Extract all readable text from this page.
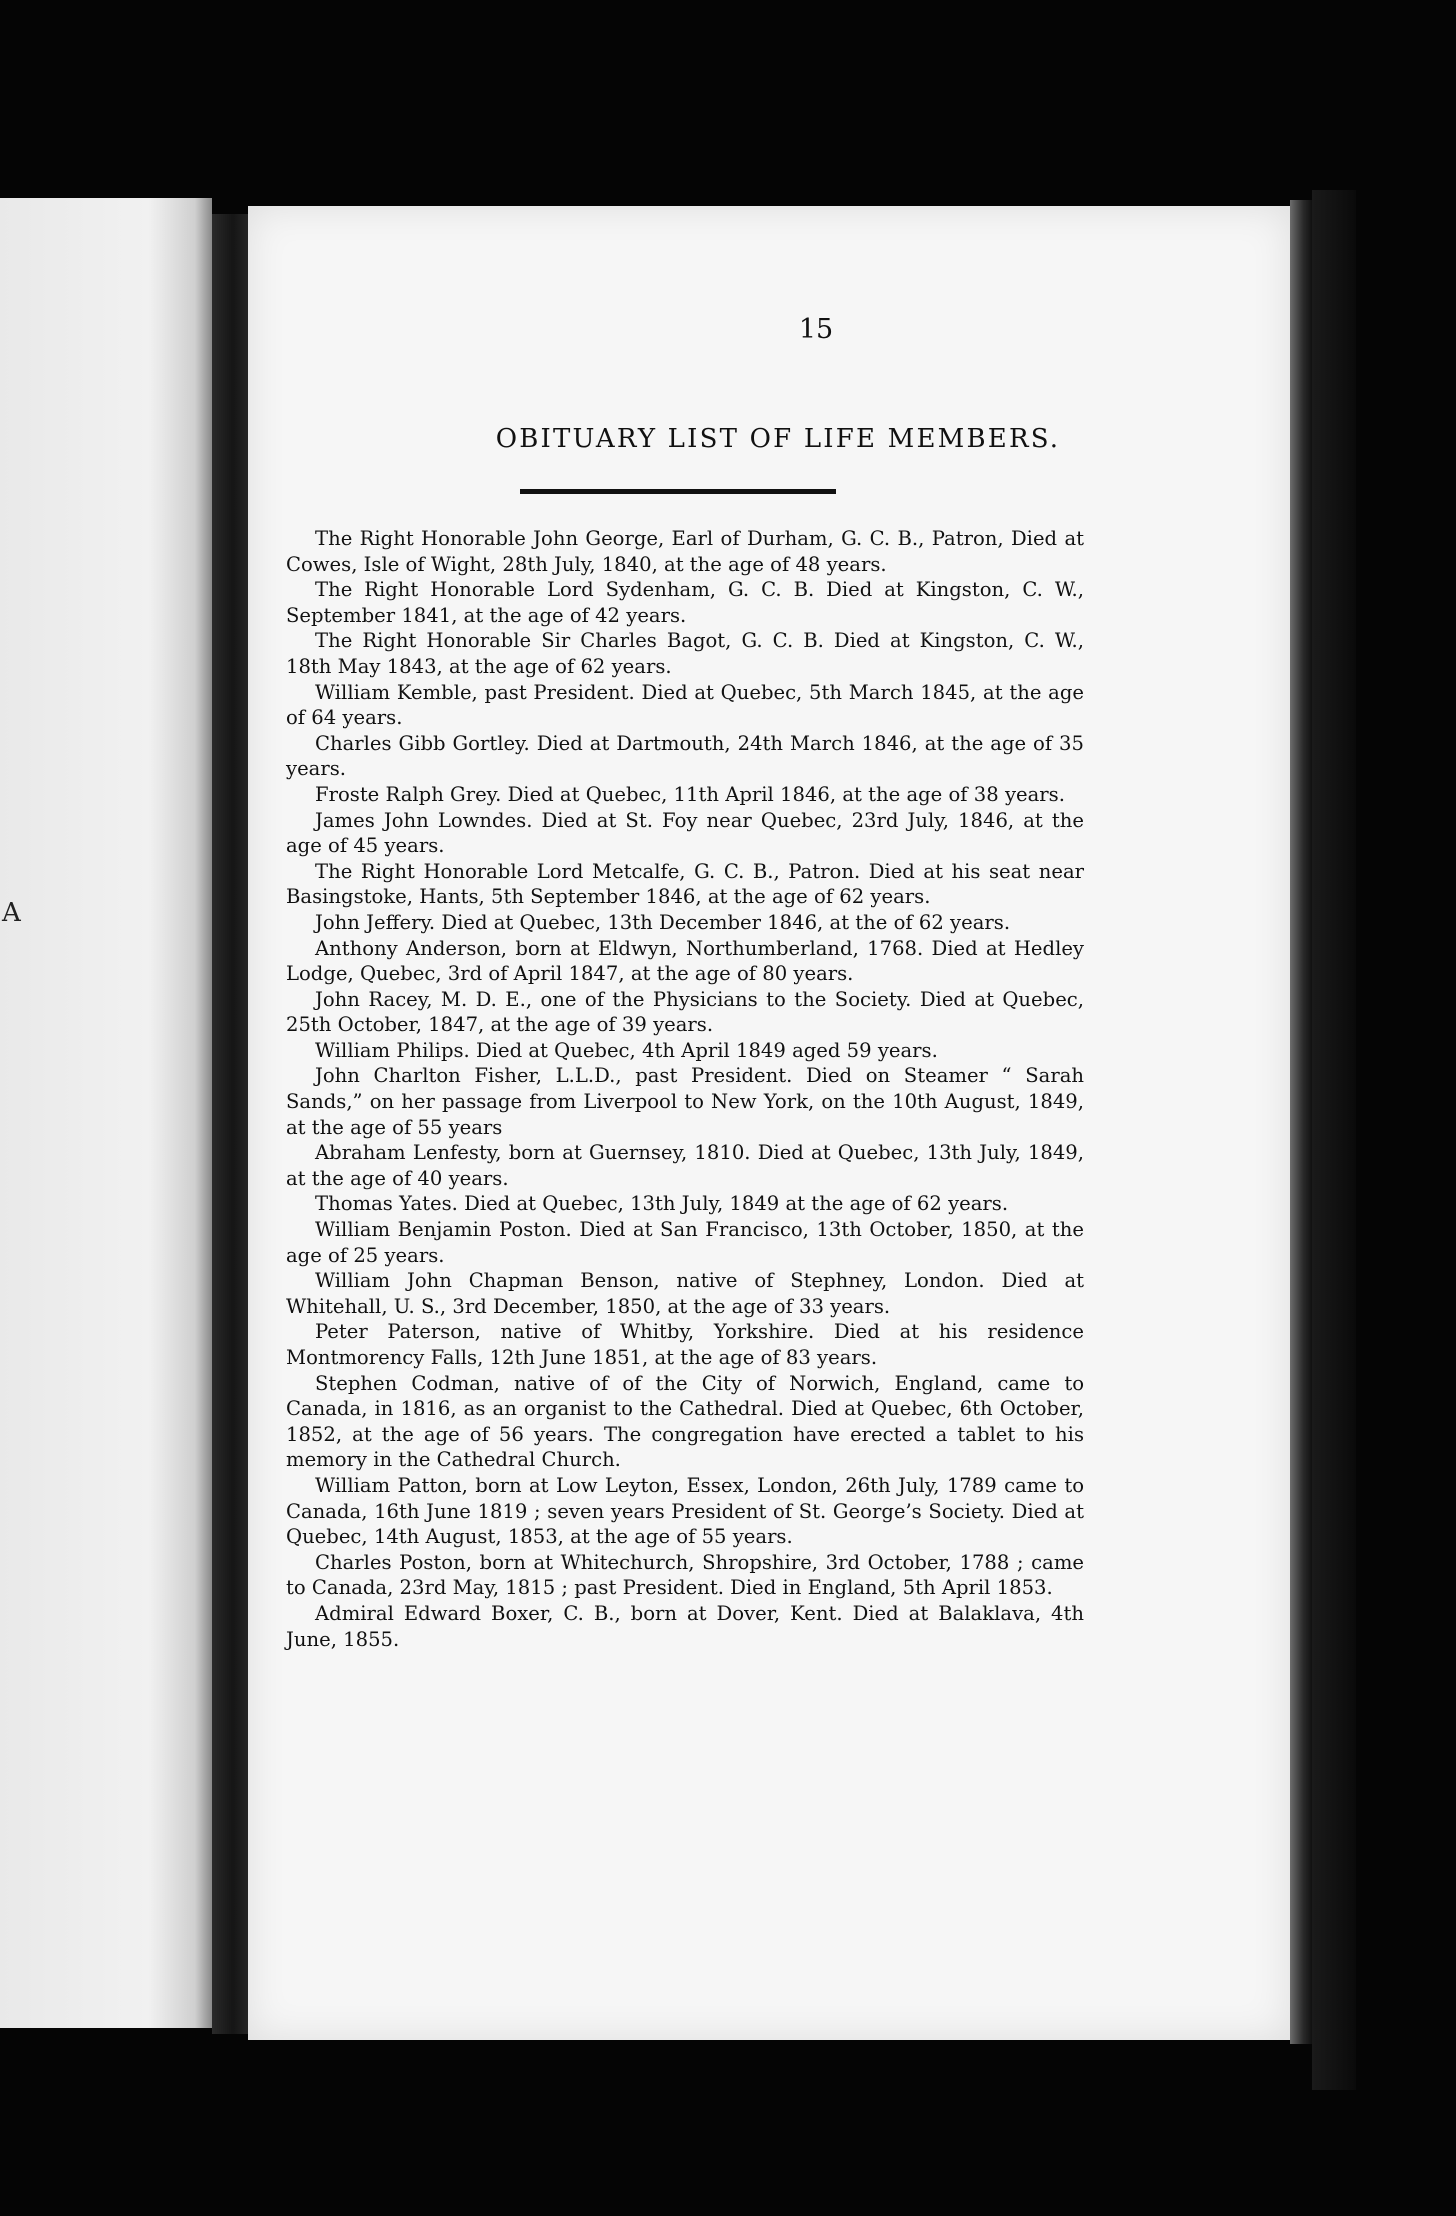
A
15
OBITUARY LIST OF LIFE MEMBERS.

The Right Honorable John George, Earl of Durham, G. C. B., Patron, Died at Cowes, Isle of Wight, 28th July, 1840, at the age of 48 years.

The Right Honorable Lord Sydenham, G. C. B. Died at Kingston, C. W., September 1841, at the age of 42 years.

The Right Honorable Sir Charles Bagot, G. C. B. Died at Kingston, C. W., 18th May 1843, at the age of 62 years.

William Kemble, past President. Died at Quebec, 5th March 1845, at the age of 64 years.

Charles Gibb Gortley. Died at Dartmouth, 24th March 1846, at the age of 35 years.

Froste Ralph Grey. Died at Quebec, 11th April 1846, at the age of 38 years.

James John Lowndes. Died at St. Foy near Quebec, 23rd July, 1846, at the age of 45 years.

The Right Honorable Lord Metcalfe, G. C. B., Patron. Died at his seat near Basingstoke, Hants, 5th September 1846, at the age of 62 years.

John Jeffery. Died at Quebec, 13th December 1846, at the of 62 years.

Anthony Anderson, born at Eldwyn, Northumberland, 1768. Died at Hedley Lodge, Quebec, 3rd of April 1847, at the age of 80 years.

John Racey, M. D. E., one of the Physicians to the Society. Died at Quebec, 25th October, 1847, at the age of 39 years.

William Philips. Died at Quebec, 4th April 1849 aged 59 years.

John Charlton Fisher, L.L.D., past President. Died on Steamer “ Sarah Sands,” on her passage from Liverpool to New York, on the 10th August, 1849, at the age of 55 years

Abraham Lenfesty, born at Guernsey, 1810. Died at Quebec, 13th July, 1849, at the age of 40 years.

Thomas Yates. Died at Quebec, 13th July, 1849 at the age of 62 years.

William Benjamin Poston. Died at San Francisco, 13th October, 1850, at the age of 25 years.

William John Chapman Benson, native of Stephney, London. Died at Whitehall, U. S., 3rd December, 1850, at the age of 33 years.

Peter Paterson, native of Whitby, Yorkshire. Died at his residence Montmorency Falls, 12th June 1851, at the age of 83 years.

Stephen Codman, native of of the City of Norwich, England, came to Canada, in 1816, as an organist to the Cathedral. Died at Quebec, 6th October, 1852, at the age of 56 years. The congregation have erected a tablet to his memory in the Cathedral Church.

William Patton, born at Low Leyton, Essex, London, 26th July, 1789 came to Canada, 16th June 1819 ; seven years President of St. George’s Society. Died at Quebec, 14th August, 1853, at the age of 55 years.

Charles Poston, born at Whitechurch, Shropshire, 3rd October, 1788 ; came to Canada, 23rd May, 1815 ; past President. Died in England, 5th April 1853.

Admiral Edward Boxer, C. B., born at Dover, Kent. Died at Balaklava, 4th June, 1855.
